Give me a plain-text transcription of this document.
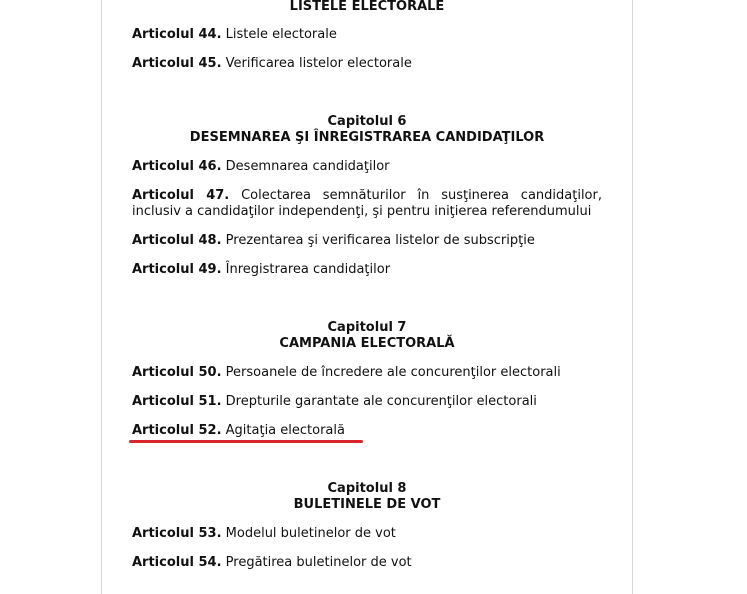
LISTELE ELECTORALE
Articolul 44. Listele electorale
Articolul 45. Verificarea listelor electorale
Capitolul 6
DESEMNAREA ŞI ÎNREGISTRAREA CANDIDAŢILOR
Articolul 46. Desemnarea candidaţilor
Articolul 47. Colectarea semnăturilor în susţinerea candidaţilor, inclusiv a candidaţilor independenţi, şi pentru iniţierea referendumului
Articolul 48. Prezentarea şi verificarea listelor de subscripţie
Articolul 49. Înregistrarea candidaţilor
Capitolul 7
CAMPANIA ELECTORALĂ
Articolul 50. Persoanele de încredere ale concurenţilor electorali
Articolul 51. Drepturile garantate ale concurenţilor electorali
Articolul 52. Agitaţia electorală
Capitolul 8
BULETINELE DE VOT
Articolul 53. Modelul buletinelor de vot
Articolul 54. Pregătirea buletinelor de vot
